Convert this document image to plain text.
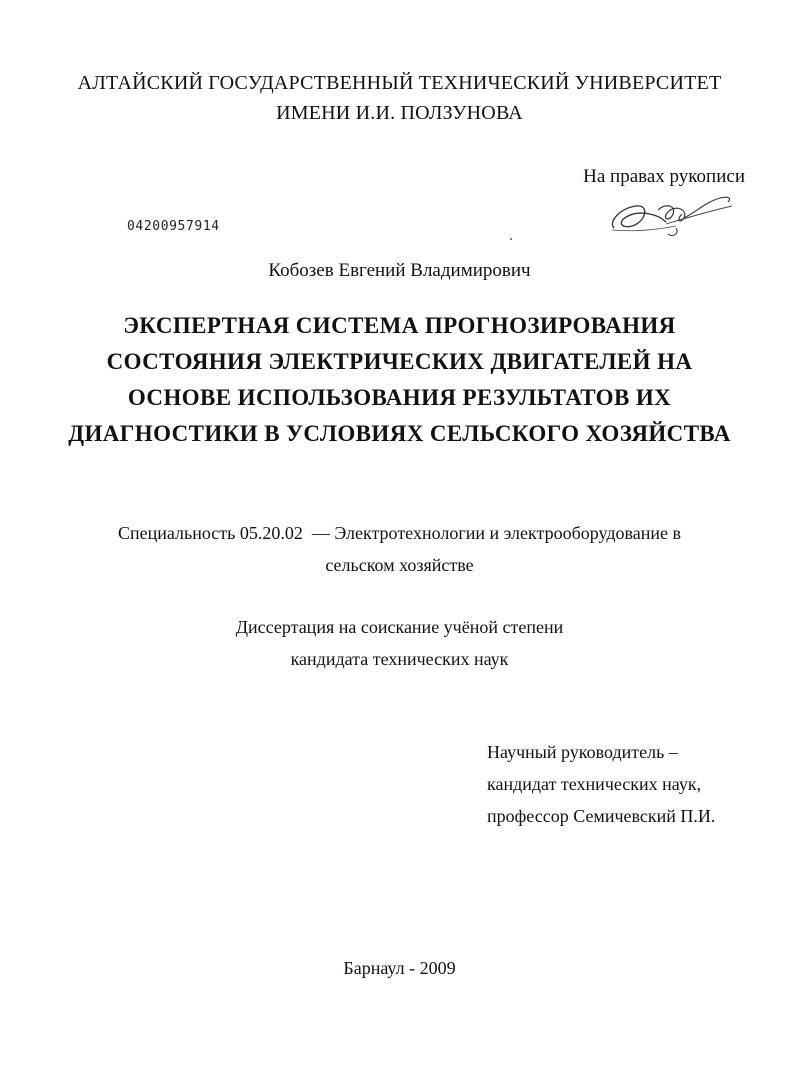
АЛТАЙСКИЙ ГОСУДАРСТВЕННЫЙ ТЕХНИЧЕСКИЙ УНИВЕРСИТЕТ
ИМЕНИ И.И. ПОЛЗУНОВА
На правах рукописи
04200957914
Кобозев Евгений Владимирович
ЭКСПЕРТНАЯ СИСТЕМА ПРОГНОЗИРОВАНИЯ
СОСТОЯНИЯ ЭЛЕКТРИЧЕСКИХ ДВИГАТЕЛЕЙ НА
ОСНОВЕ ИСПОЛЬЗОВАНИЯ РЕЗУЛЬТАТОВ ИХ
ДИАГНОСТИКИ В УСЛОВИЯХ СЕЛЬСКОГО ХОЗЯЙСТВА
Специальность 05.20.02  — Электротехнологии и электрооборудование в
сельском хозяйстве
Диссертация на соискание учёной степени
кандидата технических наук
Научный руководитель –
кандидат технических наук,
профессор Семичевский П.И.
Барнаул - 2009
